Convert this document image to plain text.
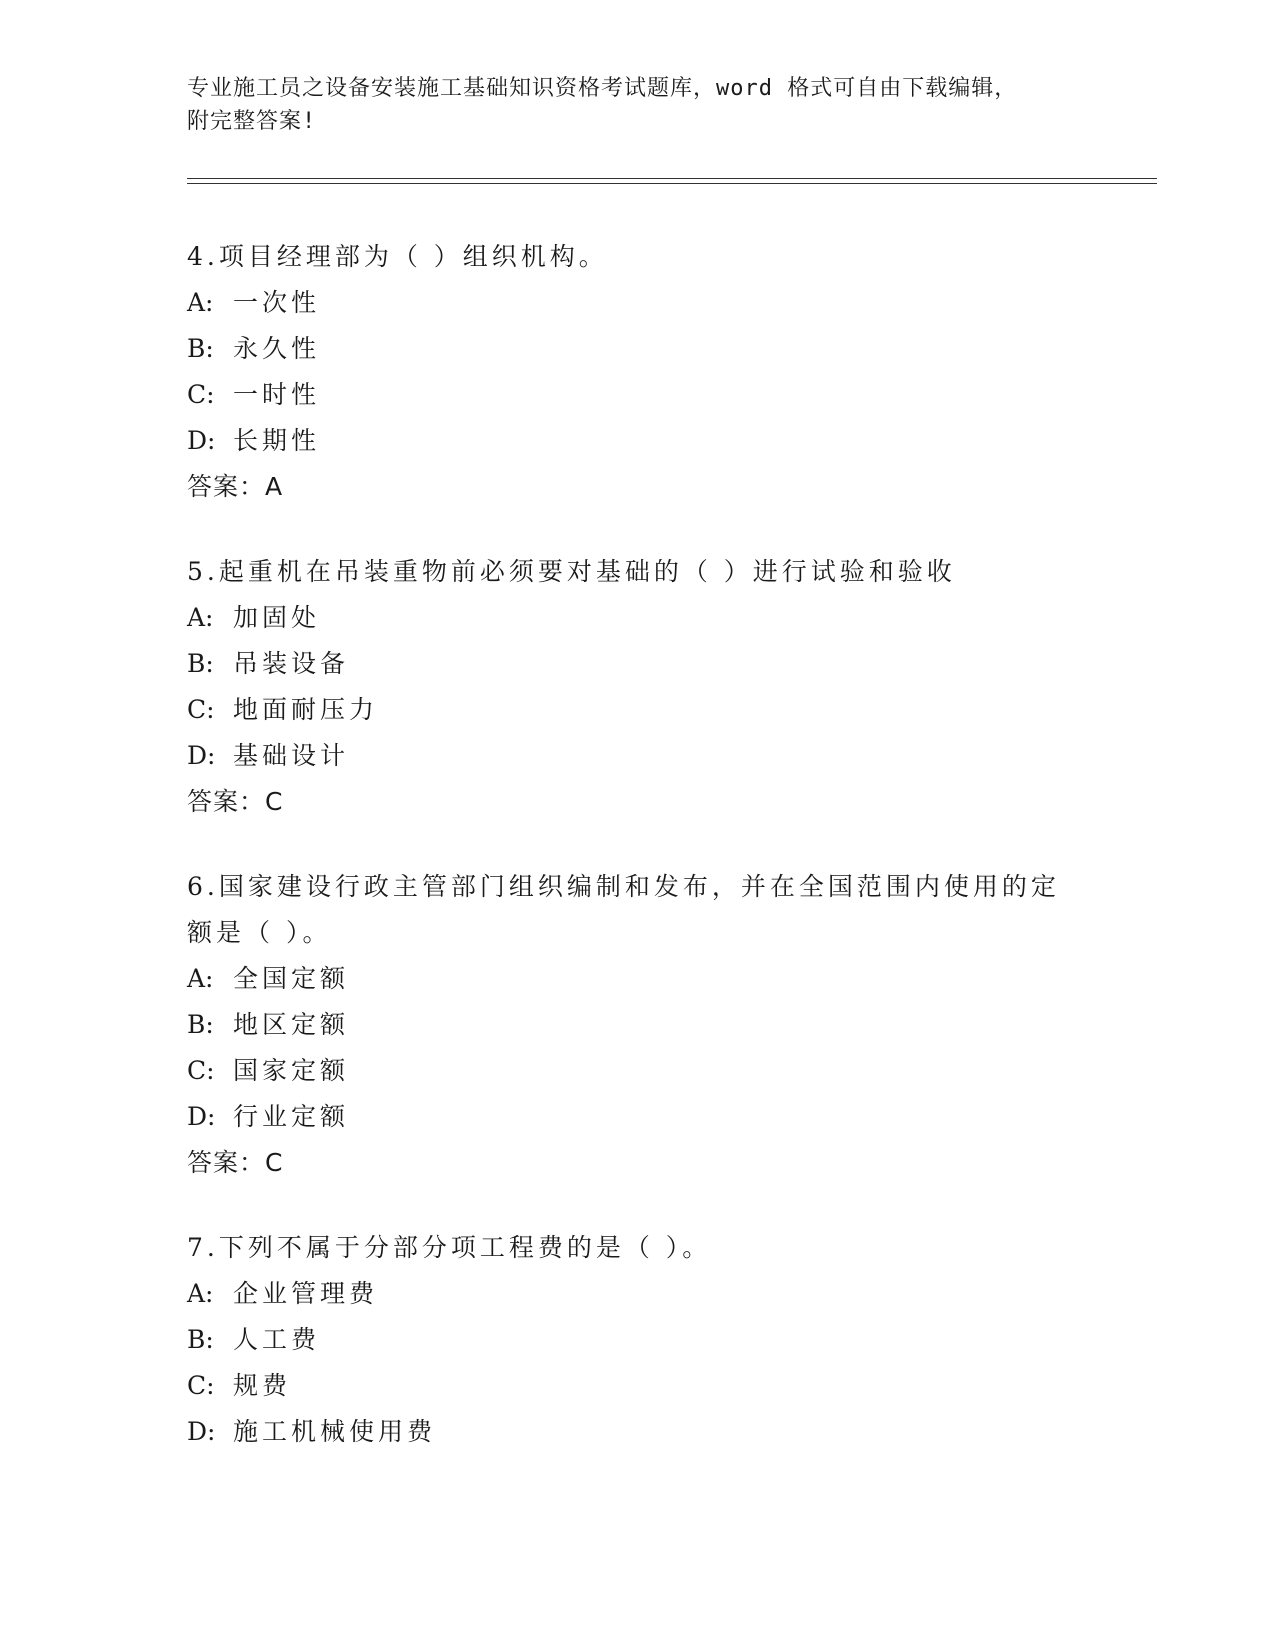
专业施工员之设备安装施工基础知识资格考试题库，word 格式可自由下载编辑，
附完整答案!
4.项目经理部为（ ）组织机构。
A: 一次性
B: 永久性
C: 一时性
D: 长期性
答案：A
5.起重机在吊装重物前必须要对基础的（ ）进行试验和验收
A: 加固处
B: 吊装设备
C: 地面耐压力
D: 基础设计
答案：C
6.国家建设行政主管部门组织编制和发布，并在全国范围内使用的定额是（ ）。
A: 全国定额
B: 地区定额
C: 国家定额
D: 行业定额
答案：C
7.下列不属于分部分项工程费的是（ ）。
A: 企业管理费
B: 人工费
C: 规费
D: 施工机械使用费
